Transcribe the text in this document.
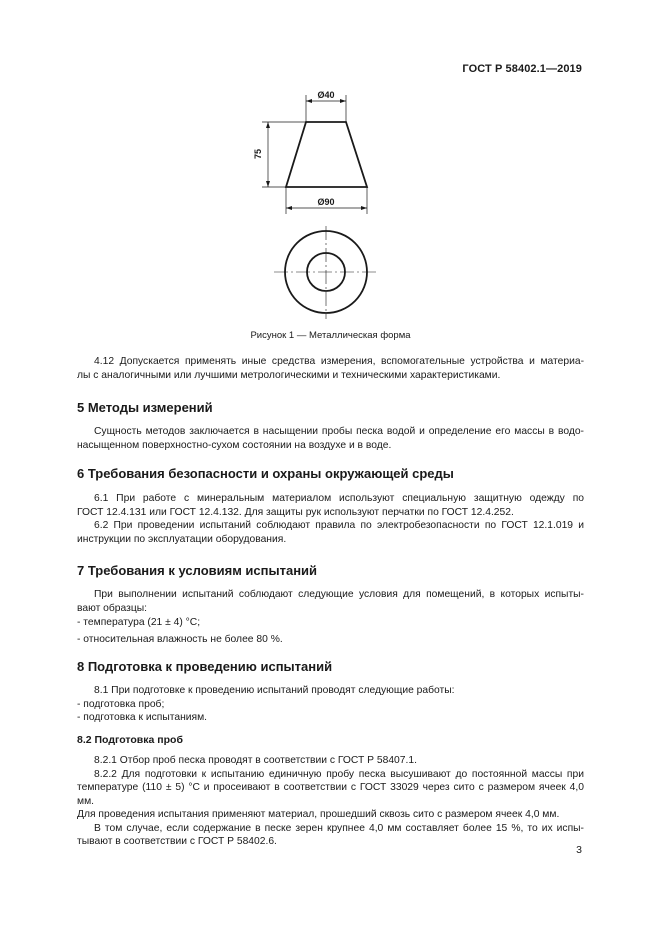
ГОСТ Р 58402.1—2019
Ø40
75
Ø90
Рисунок 1 — Металлическая форма

4.12 Допускается применять иные средства измерения, вспомогательные устройства и материа-

лы с аналогичными или лучшими метрологическими и техническими характеристиками.

5 Методы измерений

Сущность методов заключается в насыщении пробы песка водой и определение его массы в водо-

насыщенном поверхностно-сухом состоянии на воздухе и в воде.

6 Требования безопасности и охраны окружающей среды

6.1 При работе с минеральным материалом используют специальную защитную одежду по

ГОСТ 12.4.131 или ГОСТ 12.4.132. Для защиты рук используют перчатки по ГОСТ 12.4.252.

6.2 При проведении испытаний соблюдают правила по электробезопасности по ГОСТ 12.1.019 и

инструкции по эксплуатации оборудования.

7 Требования к условиям испытаний

При выполнении испытаний соблюдают следующие условия для помещений, в которых испыты-

вают образцы:

- температура (21 ± 4) °С;

- относительная влажность не более 80 %.

8 Подготовка к проведению испытаний

8.1 При подготовке к проведению испытаний проводят следующие работы:

- подготовка проб;

- подготовка к испытаниям.

8.2 Подготовка проб

8.2.1 Отбор проб песка проводят в соответствии с ГОСТ Р 58407.1.

8.2.2 Для подготовки к испытанию единичную пробу песка высушивают до постоянной массы при

температуре (110 ± 5) °С и просеивают в соответствии с ГОСТ 33029 через сито с размером ячеек 4,0 мм.

Для проведения испытания применяют материал, прошедший сквозь сито с размером ячеек 4,0 мм.

В том случае, если содержание в песке зерен крупнее 4,0 мм составляет более 15 %, то их испы-

тывают в соответствии с ГОСТ Р 58402.6.

3
